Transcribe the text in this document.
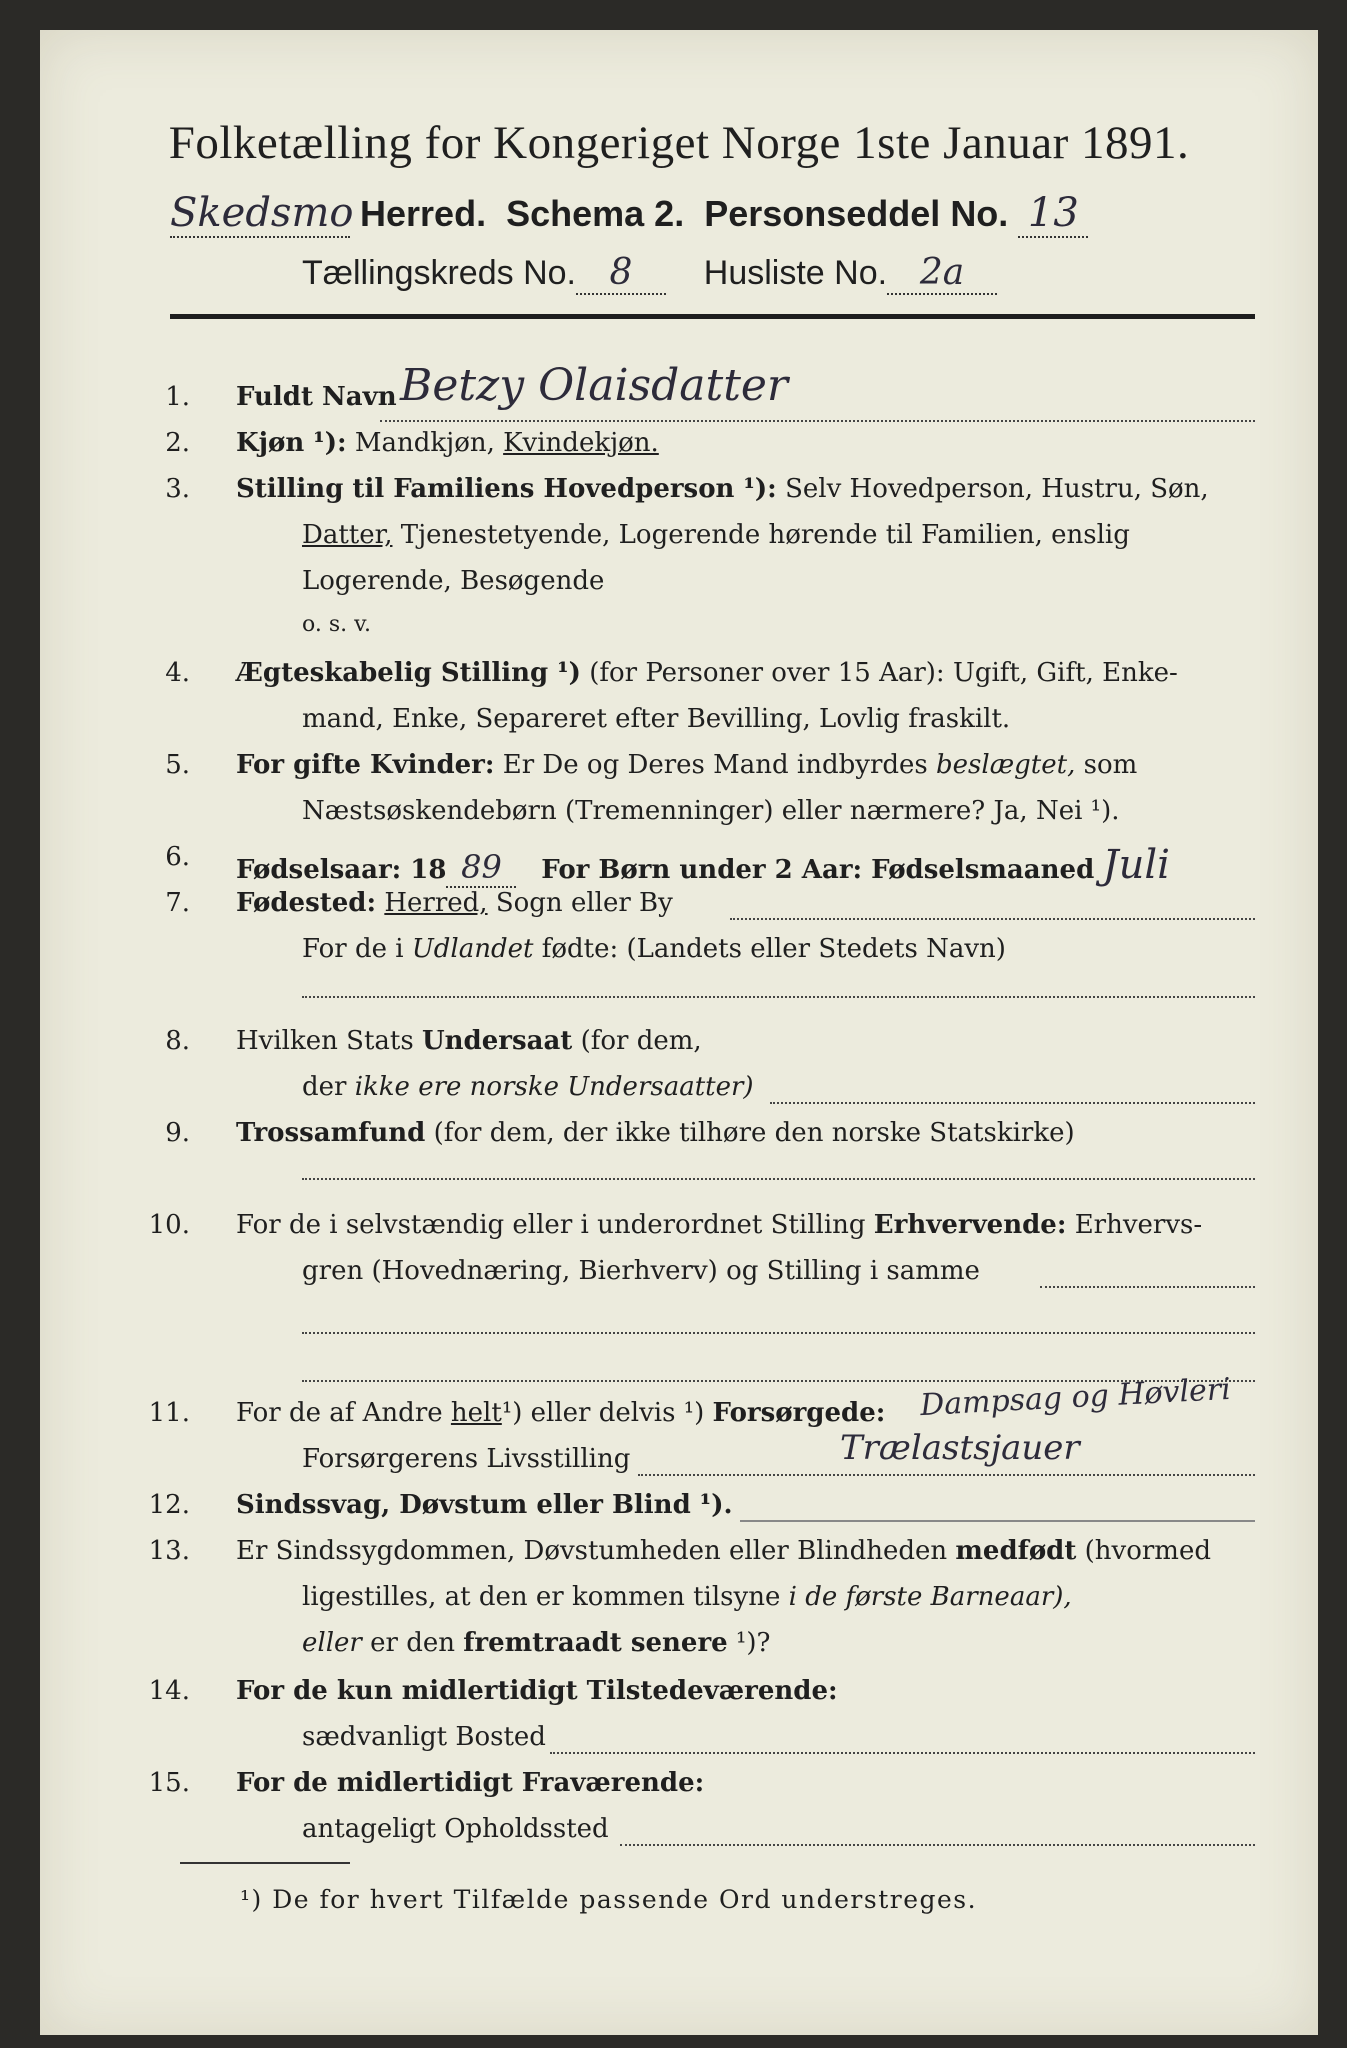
Folketælling for Kongeriget Norge 1ste Januar 1891.
Skedsmo Herred. Schema 2. Personseddel No. 13
Tællingskreds No. 8 Husliste No. 2a
1. Fuldt Navn Betzy Olaisdatter
2. Kjøn ¹): Mandkjøn, Kvindekjøn.
3. Stilling til Familiens Hovedperson ¹): Selv Hovedperson, Hustru, Søn,
Datter, Tjenestetyende, Logerende hørende til Familien, enslig
Logerende, Besøgende
o. s. v.
4. Ægteskabelig Stilling ¹) (for Personer over 15 Aar): Ugift, Gift, Enke-
mand, Enke, Separeret efter Bevilling, Lovlig fraskilt.
5. For gifte Kvinder: Er De og Deres Mand indbyrdes beslægtet, som
Næstsøskendebørn (Tremenninger) eller nærmere? Ja, Nei ¹).
6. Fødselsaar: 18 89 For Børn under 2 Aar: Fødselsmaaned Juli
7. Fødested: Herred, Sogn eller By
For de i Udlandet fødte: (Landets eller Stedets Navn)
8. Hvilken Stats Undersaat (for dem,
der ikke ere norske Undersaatter)
9. Trossamfund (for dem, der ikke tilhøre den norske Statskirke)
10. For de i selvstændig eller i underordnet Stilling Erhvervende: Erhvervs-
gren (Hovednæring, Bierhverv) og Stilling i samme
11. For de af Andre helt¹) eller delvis ¹) Forsørgede: Dampsag og Høvleri
Forsørgerens Livsstilling	Trælastsjauer
12. Sindssvag, Døvstum eller Blind ¹).
13. Er Sindssygdommen, Døvstumheden eller Blindheden medfødt (hvormed
ligestilles, at den er kommen tilsyne i de første Barneaar),
eller er den fremtraadt senere ¹)?
14. For de kun midlertidigt Tilstedeværende:
sædvanligt Bosted
15. For de midlertidigt Fraværende:
antageligt Opholdssted
¹) De for hvert Tilfælde passende Ord understreges.
